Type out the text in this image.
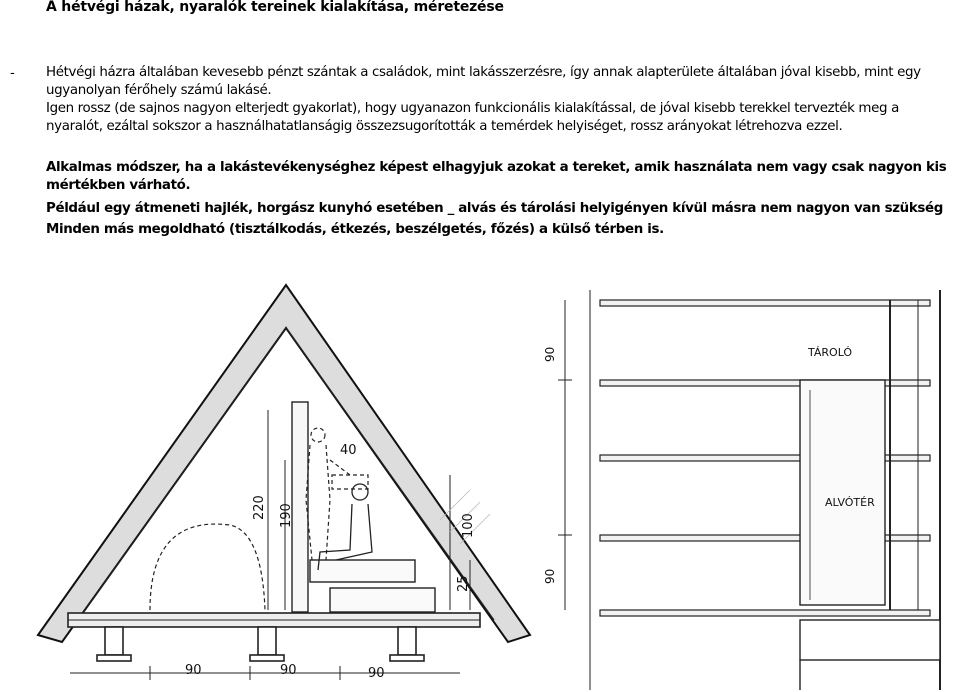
A hétvégi házak, nyaralók tereinek kialakítása, méretezése
- Hétvégi házra általában kevesebb pénzt szántak a családok, mint lakásszerzésre, így annak alapterülete általában jóval kisebb, mint egy ugyanolyan férőhely számú lakásé.
Igen rossz (de sajnos nagyon elterjedt gyakorlat), hogy ugyanazon funkcionális kialakítással, de jóval kisebb terekkel tervezték meg a nyaralót, ezáltal sokszor a használhatatlanságig összezsugorították a temérdek helyiséget, rossz arányokat létrehozva ezzel.
Alkalmas módszer, ha a lakástevékenységhez képest elhagyjuk azokat a tereket, amik használata nem vagy csak nagyon kis mértékben várható.
Például egy átmeneti hajlék, horgász kunyhó esetében _ alvás és tárolási helyigényen kívül másra nem nagyon van szükség
Minden más megoldható (tisztálkodás, étkezés, beszélgetés, főzés) a külső térben is.
220 190
40
100
25
90	90	90
TÁROLÓ
ALVÓTÉR
90
90
